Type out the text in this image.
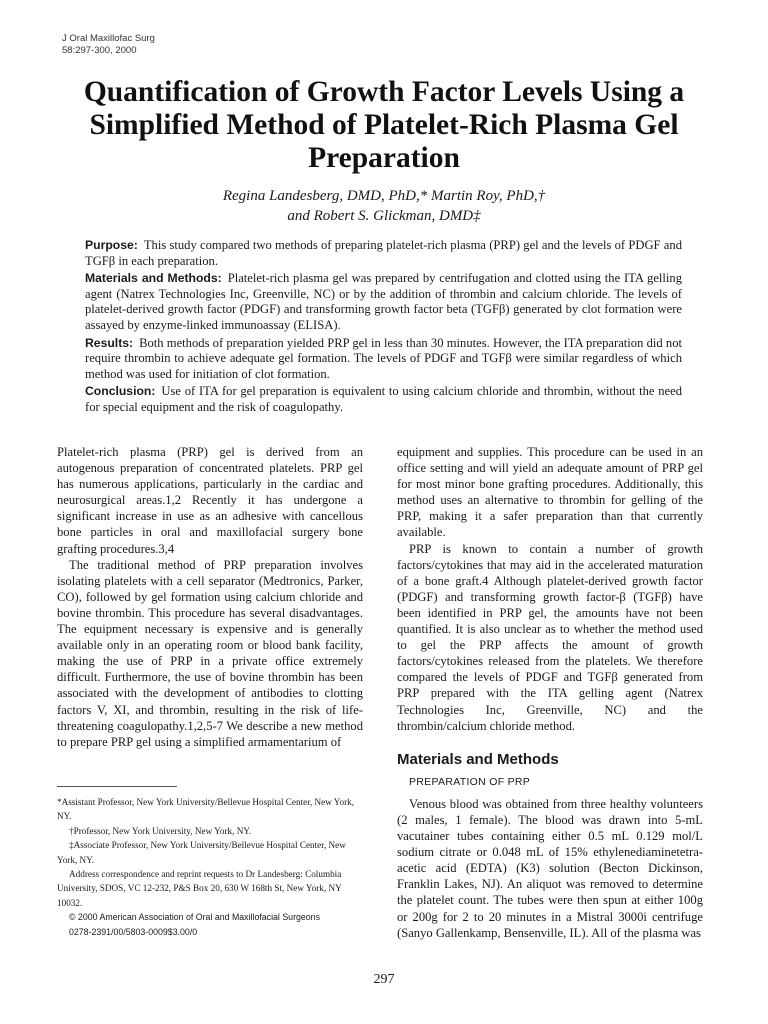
J Oral Maxillofac Surg
58:297-300, 2000
Quantification of Growth Factor Levels Using a Simplified Method of Platelet-Rich Plasma Gel Preparation
Regina Landesberg, DMD, PhD,* Martin Roy, PhD,†
and Robert S. Glickman, DMD‡

Purpose: This study compared two methods of preparing platelet-rich plasma (PRP) gel and the levels of PDGF and TGFβ in each preparation.

Materials and Methods: Platelet-rich plasma gel was prepared by centrifugation and clotted using the ITA gelling agent (Natrex Technologies Inc, Greenville, NC) or by the addition of thrombin and calcium chloride. The levels of platelet-derived growth factor (PDGF) and transforming growth factor beta (TGFβ) generated by clot formation were assayed by enzyme-linked immunoassay (ELISA).

Results: Both methods of preparation yielded PRP gel in less than 30 minutes. However, the ITA preparation did not require thrombin to achieve adequate gel formation. The levels of PDGF and TGFβ were similar regardless of which method was used for initiation of clot formation.

Conclusion: Use of ITA for gel preparation is equivalent to using calcium chloride and thrombin, without the need for special equipment and the risk of coagulopathy.

Platelet-rich plasma (PRP) gel is derived from an autogenous preparation of concentrated platelets. PRP gel has numerous applications, particularly in the cardiac and neurosurgical areas.1,2 Recently it has undergone a significant increase in use as an adhesive with cancellous bone particles in oral and maxillofacial surgery bone grafting procedures.3,4

The traditional method of PRP preparation involves isolating platelets with a cell separator (Medtronics, Parker, CO), followed by gel formation using calcium chloride and bovine thrombin. This procedure has several disadvantages. The equipment necessary is expensive and is generally available only in an operating room or blood bank facility, making the use of PRP in a private office extremely difficult. Furthermore, the use of bovine thrombin has been associated with the development of antibodies to clotting factors V, XI, and thrombin, resulting in the risk of life-threatening coagulopathy.1,2,5-7 We describe a new method to prepare PRP gel using a simplified armamentarium of

equipment and supplies. This procedure can be used in an office setting and will yield an adequate amount of PRP gel for most minor bone grafting procedures. Additionally, this method uses an alternative to thrombin for gelling of the PRP, making it a safer preparation than that currently available.

PRP is known to contain a number of growth factors/cytokines that may aid in the accelerated maturation of a bone graft.4 Although platelet-derived growth factor (PDGF) and transforming growth factor-β (TGFβ) have been identified in PRP gel, the amounts have not been quantified. It is also unclear as to whether the method used to gel the PRP affects the amount of growth factors/cytokines released from the platelets. We therefore compared the levels of PDGF and TGFβ generated from PRP prepared with the ITA gelling agent (Natrex Technologies Inc, Greenville, NC) and the thrombin/calcium chloride method.

Materials and Methods
PREPARATION OF PRP

Venous blood was obtained from three healthy volunteers (2 males, 1 female). The blood was drawn into 5-mL vacutainer tubes containing either 0.5 mL 0.129 mol/L sodium citrate or 0.048 mL of 15% ethylenediaminetetra-acetic acid (EDTA) (K3) solution (Becton Dickinson, Franklin Lakes, NJ). An aliquot was removed to determine the platelet count. The tubes were then spun at either 100g or 200g for 2 to 20 minutes in a Mistral 3000i centrifuge (Sanyo Gallenkamp, Bensenville, IL). All of the plasma was

*Assistant Professor, New York University/Bellevue Hospital Center, New York, NY.

†Professor, New York University, New York, NY.

‡Associate Professor, New York University/Bellevue Hospital Center, New York, NY.

Address correspondence and reprint requests to Dr Landesberg: Columbia University, SDOS, VC 12-232, P&S Box 20, 630 W 168th St, New York, NY 10032.

© 2000 American Association of Oral and Maxillofacial Surgeons

0278-2391/00/5803-0009$3.00/0

297
